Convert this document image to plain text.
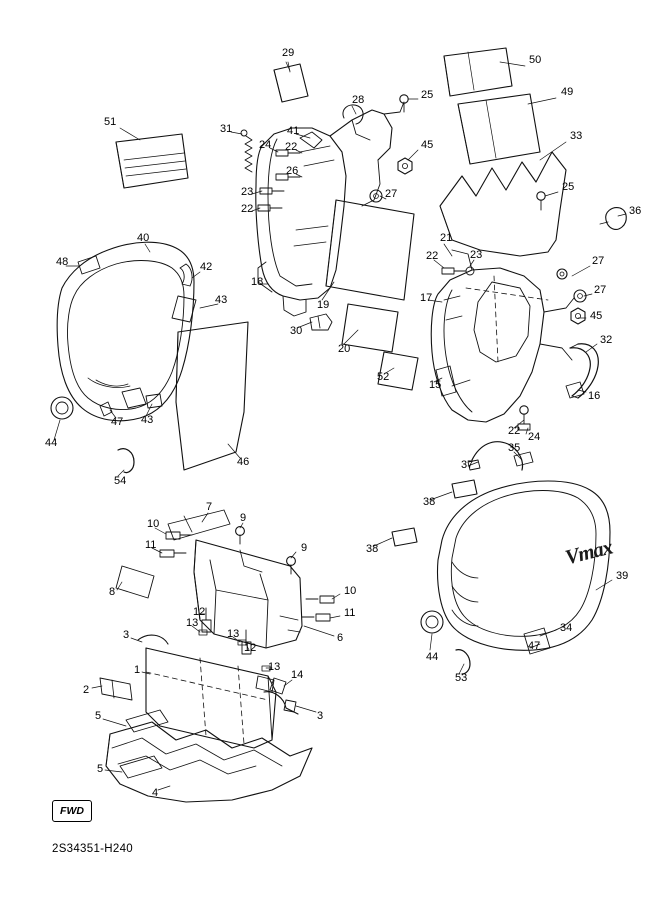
Vmax
FWD
2S34351-H240
29
50
28	25	49
51
31	41	33
24 22	45
26
23	25
22
27
36
40	21
48	22	23
42
18
27
43	17
27
19
30
45
20
32
52
15
16
43
47
22 24
44	35
46	37
54
38
7
10	9
11	38
9
8	10
39
11
12
13
13
3	6
34
12
44
47
13
1	14
2
53
3
5
5
4
